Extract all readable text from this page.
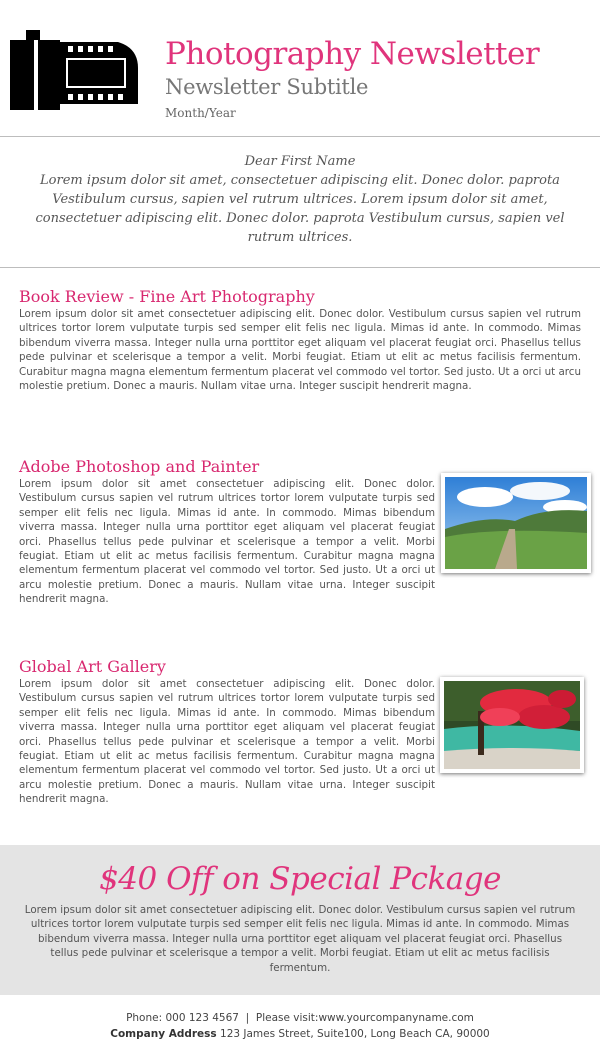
Photography Newsletter
Newsletter Subtitle
Month/Year
Dear First Name
Lorem ipsum dolor sit amet, consectetuer adipiscing elit. Donec dolor. paprota Vestibulum cursus, sapien vel rutrum ultrices. Lorem ipsum dolor sit amet, consectetuer adipiscing elit. Donec dolor. paprota Vestibulum cursus, sapien vel rutrum ultrices.
Book Review - Fine Art Photography
Lorem ipsum dolor sit amet consectetuer adipiscing elit. Donec dolor. Vestibulum cursus sapien vel rutrum ultrices tortor lorem vulputate turpis sed semper elit felis nec ligula. Mimas id ante. In commodo. Mimas bibendum viverra massa. Integer nulla urna porttitor eget aliquam vel placerat feugiat orci. Phasellus tellus pede pulvinar et scelerisque a tempor a velit. Morbi feugiat. Etiam ut elit ac metus facilisis fermentum. Curabitur magna magna elementum fermentum placerat vel commodo vel tortor. Sed justo. Ut a orci ut arcu molestie pretium. Donec a mauris. Nullam vitae urna. Integer suscipit hendrerit magna.
Adobe Photoshop and Painter
Lorem ipsum dolor sit amet consectetuer adipiscing elit. Donec dolor. Vestibulum cursus sapien vel rutrum ultrices tortor lorem vulputate turpis sed semper elit felis nec ligula. Mimas id ante. In commodo. Mimas bibendum viverra massa. Integer nulla urna porttitor eget aliquam vel placerat feugiat orci. Phasellus tellus pede pulvinar et scelerisque a tempor a velit. Morbi feugiat. Etiam ut elit ac metus facilisis fermentum. Curabitur magna magna elementum fermentum placerat vel commodo vel tortor. Sed justo. Ut a orci ut arcu molestie pretium. Donec a mauris. Nullam vitae urna. Integer suscipit hendrerit magna.
Global Art Gallery
Lorem ipsum dolor sit amet consectetuer adipiscing elit. Donec dolor. Vestibulum cursus sapien vel rutrum ultrices tortor lorem vulputate turpis sed semper elit felis nec ligula. Mimas id ante. In commodo. Mimas bibendum viverra massa. Integer nulla urna porttitor eget aliquam vel placerat feugiat orci. Phasellus tellus pede pulvinar et scelerisque a tempor a velit. Morbi feugiat. Etiam ut elit ac metus facilisis fermentum. Curabitur magna magna elementum fermentum placerat vel commodo vel tortor. Sed justo. Ut a orci ut arcu molestie pretium. Donec a mauris. Nullam vitae urna. Integer suscipit hendrerit magna.
$40 Off on Special Pckage
Lorem ipsum dolor sit amet consectetuer adipiscing elit. Donec dolor. Vestibulum cursus sapien vel rutrum ultrices tortor lorem vulputate turpis sed semper elit felis nec ligula. Mimas id ante. In commodo. Mimas bibendum viverra massa. Integer nulla urna porttitor eget aliquam vel placerat feugiat orci. Phasellus tellus pede pulvinar et scelerisque a tempor a velit. Morbi feugiat. Etiam ut elit ac metus facilisis fermentum.
Phone: 000 123 4567 | Please visit:www.yourcompanyname.com
Company Address 123 James Street, Suite100, Long Beach CA, 90000
